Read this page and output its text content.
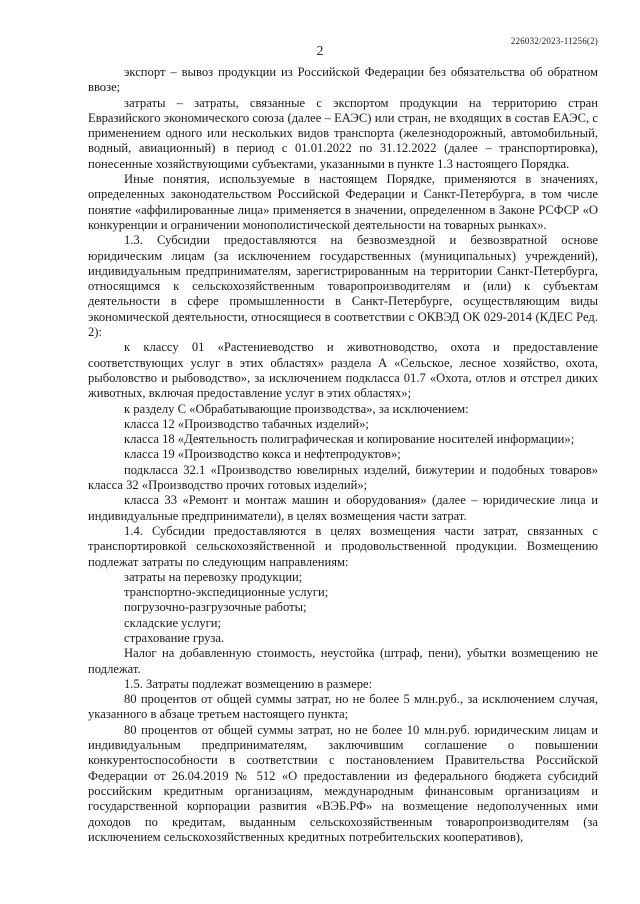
226032/2023-11256(2)
2

экспорт – вывоз продукции из Российской Федерации без обязательства об обратном ввозе;

затраты – затраты, связанные с экспортом продукции на территорию стран Евразийского экономического союза (далее – ЕАЭС) или стран, не входящих в состав ЕАЭС, с применением одного или нескольких видов транспорта (железнодорожный, автомобильный, водный, авиационный) в период с 01.01.2022 по 31.12.2022 (далее – транспортировка), понесенные хозяйствующими субъектами, указанными в пункте 1.3 настоящего Порядка.

Иные понятия, используемые в настоящем Порядке, применяются в значениях, определенных законодательством Российской Федерации и Санкт-Петербурга, в том числе понятие «аффилированные лица» применяется в значении, определенном в Законе РСФСР «О конкуренции и ограничении монополистической деятельности на товарных рынках».

1.3. Субсидии предоставляются на безвозмездной и безвозвратной основе юридическим лицам (за исключением государственных (муниципальных) учреждений), индивидуальным предпринимателям, зарегистрированным на территории Санкт-Петербурга, относящимся к сельскохозяйственным товаропроизводителям и (или) к субъектам деятельности в сфере промышленности в Санкт-Петербурге, осуществляющим виды экономической деятельности, относящиеся в соответствии с ОКВЭД ОК 029-2014 (КДЕС Ред. 2):

к классу 01 «Растениеводство и животноводство, охота и предоставление соответствующих услуг в этих областях» раздела А «Сельское, лесное хозяйство, охота, рыболовство и рыбоводство», за исключением подкласса 01.7 «Охота, отлов и отстрел диких животных, включая предоставление услуг в этих областях»;

к разделу С «Обрабатывающие производства», за исключением:

класса 12 «Производство табачных изделий»;

класса 18 «Деятельность полиграфическая и копирование носителей информации»;

класса 19 «Производство кокса и нефтепродуктов»;

подкласса 32.1 «Производство ювелирных изделий, бижутерии и подобных товаров» класса 32 «Производство прочих готовых изделий»;

класса 33 «Ремонт и монтаж машин и оборудования» (далее – юридические лица и индивидуальные предприниматели), в целях возмещения части затрат.

1.4. Субсидии предоставляются в целях возмещения части затрат, связанных с транспортировкой сельскохозяйственной и продовольственной продукции. Возмещению подлежат затраты по следующим направлениям:

затраты на перевозку продукции;

транспортно-экспедиционные услуги;

погрузочно-разгрузочные работы;

складские услуги;

страхование груза.

Налог на добавленную стоимость, неустойка (штраф, пени), убытки возмещению не подлежат.

1.5. Затраты подлежат возмещению в размере:

80 процентов от общей суммы затрат, но не более 5 млн.руб., за исключением случая, указанного в абзаце третьем настоящего пункта;

80 процентов от общей суммы затрат, но не более 10 млн.руб. юридическим лицам и индивидуальным предпринимателям, заключившим соглашение о повышении конкурентоспособности в соответствии с постановлением Правительства Российской Федерации от 26.04.2019 № 512 «О предоставлении из федерального бюджета субсидий российским кредитным организациям, международным финансовым организациям и государственной корпорации развития «ВЭБ.РФ» на возмещение недополученных ими доходов по кредитам, выданным сельскохозяйственным товаропроизводителям (за исключением сельскохозяйственных кредитных потребительских кооперативов),
